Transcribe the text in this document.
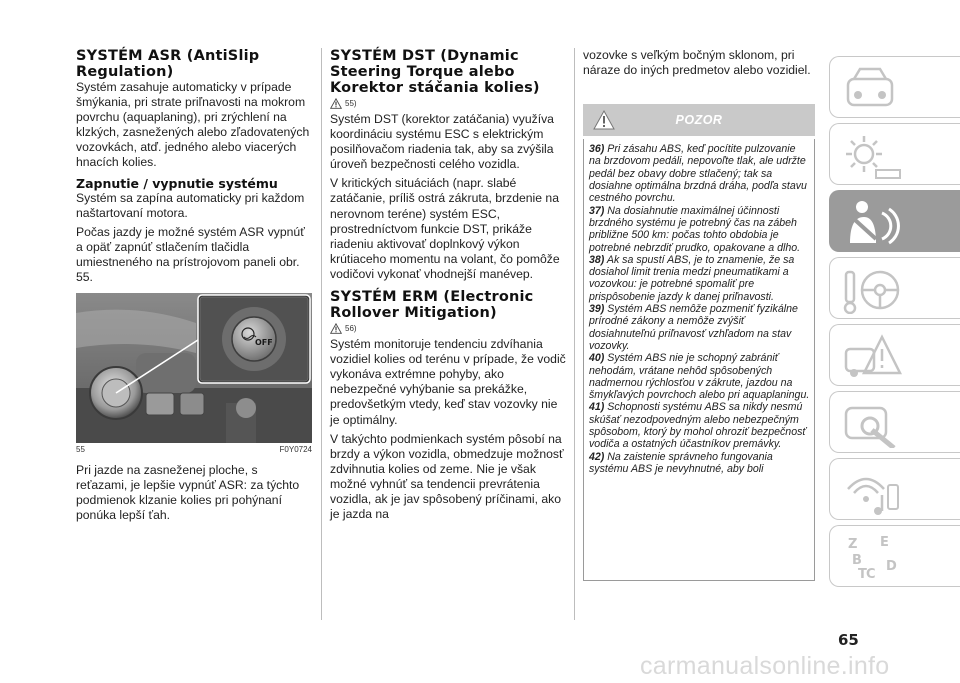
SYSTÉM ASR (AntiSlip Regulation)

Systém zasahuje automaticky v prípade šmýkania, pri strate priľnavosti na mokrom povrchu (aquaplaning), pri zrýchlení na klzkých, zasnežených alebo zľadovatených vozovkách, atď. jedného alebo viacerých hnacích kolies.

Zapnutie / vypnutie systému

Systém sa zapína automaticky pri každom naštartovaní motora.

Počas jazdy je možné systém ASR vypnúť a opäť zapnúť stlačením tlačidla umiestneného na prístrojovom paneli obr. 55.

OFF
55	F0Y0724

Pri jazde na zasneženej ploche, s reťazami, je lepšie vypnúť ASR: za týchto podmienok klzanie kolies pri pohýnaní ponúka lepší ťah.

SYSTÉM DST (Dynamic Steering Torque alebo Korektor stáčania kolies)
55)

Systém DST (korektor zatáčania) využíva koordináciu systému ESC s elektrickým posilňovačom riadenia tak, aby sa zvýšila úroveň bezpečnosti celého vozidla.

V kritických situáciách (napr. slabé zatáčanie, príliš ostrá zákruta, brzdenie na nerovnom teréne) systém ESC, prostredníctvom funkcie DST, prikáže riadeniu aktivovať doplnkový výkon krútiaceho momentu na volant, čo pomôže vodičovi vykonať vhodnejší manévер.

SYSTÉM ERM (Electronic Rollover Mitigation)
56)

Systém monitoruje tendenciu zdvíhania vozidiel kolies od terénu v prípade, že vodič vykonáva extrémne pohyby, ako nebezpečné vyhýbanie sa prekážke, predovšetkým vtedy, keď stav vozovky nie je optimálny.

V takýchto podmienkach systém pôsobí na brzdy a výkon vozidla, obmedzuje možnosť zdvihnutia kolies od zeme. Nie je však možné vyhnúť sa tendencii prevrátenia vozidla, ak je jav spôsobený príčinami, ako je jazda na

vozovke s veľkým bočným sklonom, pri náraze do iných predmetov alebo vozidiel.

POZOR

36) Pri zásahu ABS, keď pocítite pulzovanie na brzdovom pedáli, nepovoľte tlak, ale udržte pedál bez obavy dobre stlačený; tak sa dosiahne optimálna brzdná dráha, podľa stavu cestného povrchu.

37) Na dosiahnutie maximálnej účinnosti brzdného systému je potrebný čas na zábeh približne 500 km: počas tohto obdobia je potrebné nebrzdiť prudko, opakovane a dlho.

38) Ak sa spustí ABS, je to znamenie, že sa dosiahol limit trenia medzi pneumatikami a vozovkou: je potrebné spomaliť pre prispôsobenie jazdy k danej priľnavosti.

39) Systém ABS nemôže pozmeniť fyzikálne prírodné zákony a nemôže zvýšiť dosiahnuteľnú priľnavosť vzhľadom na stav vozovky.

40) Systém ABS nie je schopný zabrániť nehodám, vrátane nehôd spôsobených nadmernou rýchlosťou v zákrute, jazdou na šmykľavých povrchoch alebo pri aquaplaningu.

41) Schopnosti systému ABS sa nikdy nesmú skúšať nezodpovedným alebo nebezpečným spôsobom, ktorý by mohol ohroziť bezpečnosť vodiča a ostatných účastníkov premávky.

42) Na zaistenie správneho fungovania systému ABS je nevyhnutné, aby boli

Z E
B
C
T
D
65
carmanualsonline.info
